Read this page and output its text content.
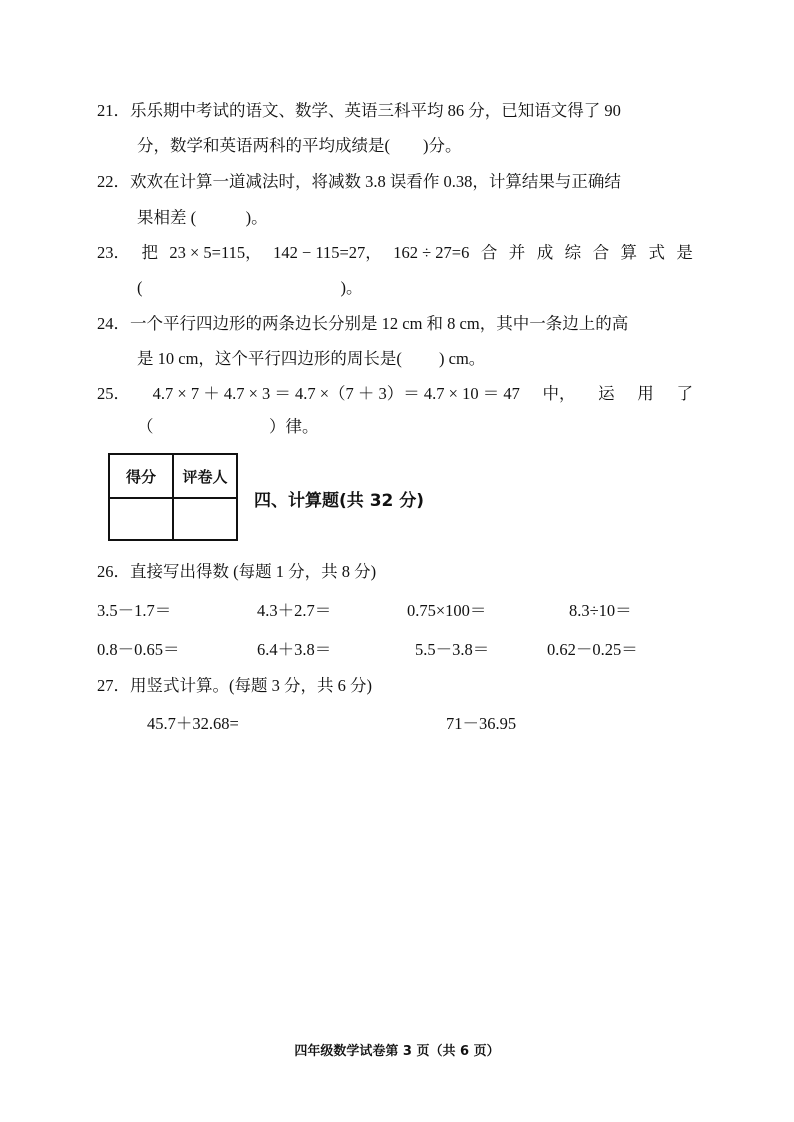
21．乐乐期中考试的语文、数学、英语三科平均 86 分，已知语文得了 90
分，数学和英语两科的平均成绩是(　　)分。
22．欢欢在计算一道减法时，将减数 3.8 误看作 0.38，计算结果与正确结
果相差 (　　　)。
23． 把 23 × 5=115， 142 − 115=27， 162 ÷ 27=6 合 并 成 综 合 算 式 是
(　　　　　　　　　　　　)。
24．一个平行四边形的两条边长分别是 12 cm 和 8 cm，其中一条边上的高
是 10 cm，这个平行四边形的周长是(　　 ) cm。
25． 4.7 × 7 ＋ 4.7 × 3 ＝ 4.7 ×（7 ＋ 3）＝ 4.7 × 10 ＝ 47 中， 运 用 了
（　　　　　　　）律。
得分	评卷人

四、计算题(共 32 分)
26．直接写出得数 (每题 1 分，共 8 分)
3.5－1.7＝	4.3＋2.7＝	0.75×100＝	8.3÷10＝
0.8－0.65＝	6.4＋3.8＝	5.5－3.8＝	0.62－0.25＝
27．用竖式计算。(每题 3 分，共 6 分)
45.7＋32.68=	71－36.95
四年级数学试卷第 3 页（共 6 页）
